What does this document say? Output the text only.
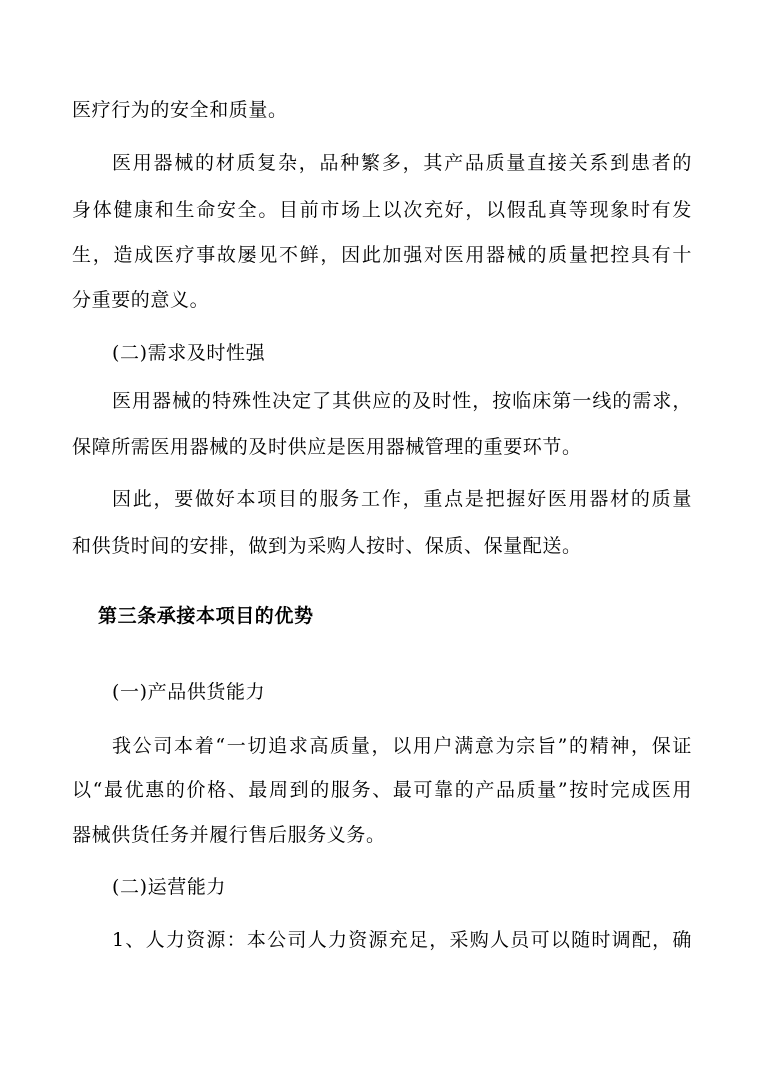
医疗行为的安全和质量。
医用器械的材质复杂，品种繁多，其产品质量直接关系到患者的
身体健康和生命安全。目前市场上以次充好，以假乱真等现象时有发
生，造成医疗事故屡见不鲜，因此加强对医用器械的质量把控具有十
分重要的意义。
(二)需求及时性强
医用器械的特殊性决定了其供应的及时性，按临床第一线的需求，
保障所需医用器械的及时供应是医用器械管理的重要环节。
因此，要做好本项目的服务工作，重点是把握好医用器材的质量
和供货时间的安排，做到为采购人按时、保质、保量配送。
第三条承接本项目的优势
(一)产品供货能力
我公司本着“一切追求高质量，以用户满意为宗旨”的精神，保证
以“最优惠的价格、最周到的服务、最可靠的产品质量”按时完成医用
器械供货任务并履行售后服务义务。
(二)运营能力
1、人力资源：本公司人力资源充足，采购人员可以随时调配，确
